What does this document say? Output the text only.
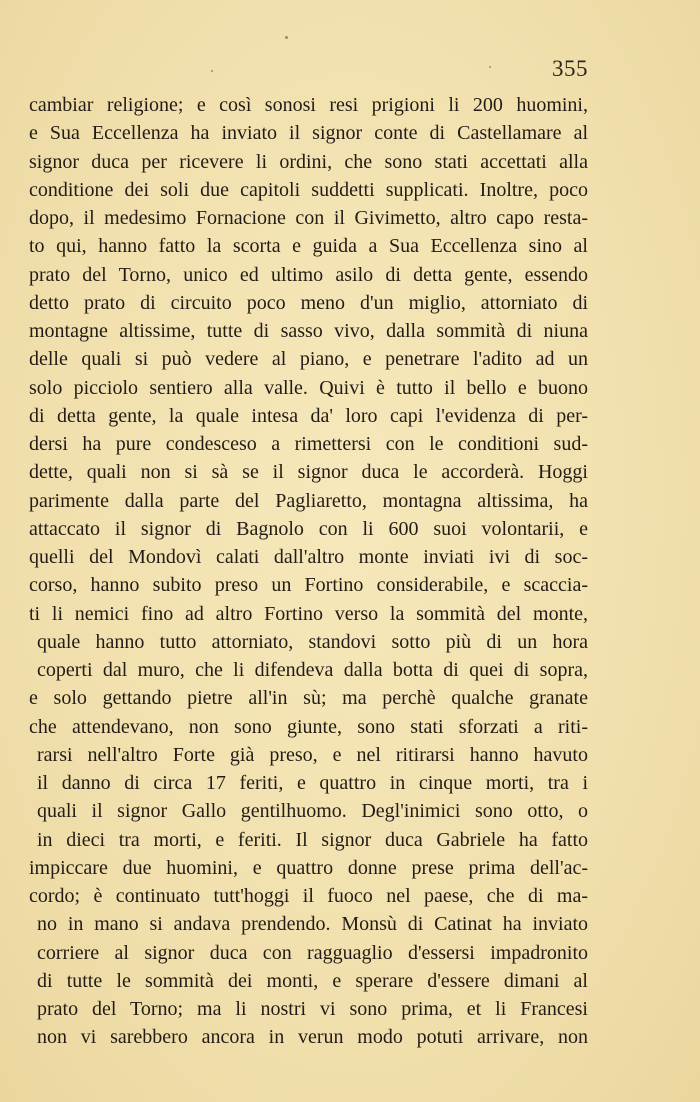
355
cambiar religione; e così sonosi resi prigioni li 200 huomini,
e Sua Eccellenza ha inviato il signor conte di Castellamare al
signor duca per ricevere li ordini, che sono stati accettati alla
conditione dei soli due capitoli suddetti supplicati. Inoltre, poco
dopo, il medesimo Fornacione con il Givimetto, altro capo resta-
to qui, hanno fatto la scorta e guida a Sua Eccellenza sino al
prato del Torno, unico ed ultimo asilo di detta gente, essendo
detto prato di circuito poco meno d'un miglio, attorniato di
montagne altissime, tutte di sasso vivo, dalla sommità di niuna
delle quali si può vedere al piano, e penetrare l'adito ad un
solo picciolo sentiero alla valle. Quivi è tutto il bello e buono
di detta gente, la quale intesa da' loro capi l'evidenza di per-
dersi ha pure condesceso a rimettersi con le conditioni sud-
dette, quali non si sà se il signor duca le accorderà. Hoggi
parimente dalla parte del Pagliaretto, montagna altissima, ha
attaccato il signor di Bagnolo con li 600 suoi volontarii, e
quelli del Mondovì calati dall'altro monte inviati ivi di soc-
corso, hanno subito preso un Fortino considerabile, e scaccia-
ti li nemici fino ad altro Fortino verso la sommità del monte,
quale hanno tutto attorniato, standovi sotto più di un hora
coperti dal muro, che li difendeva dalla botta di quei di sopra,
e solo gettando pietre all'in sù; ma perchè qualche granate
che attendevano, non sono giunte, sono stati sforzati a riti-
rarsi nell'altro Forte già preso, e nel ritirarsi hanno havuto
il danno di circa 17 feriti, e quattro in cinque morti, tra i
quali il signor Gallo gentilhuomo. Degl'inimici sono otto, o
in dieci tra morti, e feriti. Il signor duca Gabriele ha fatto
impiccare due huomini, e quattro donne prese prima dell'ac-
cordo; è continuato tutt'hoggi il fuoco nel paese, che di ma-
no in mano si andava prendendo. Monsù di Catinat ha inviato
corriere al signor duca con ragguaglio d'essersi impadronito
di tutte le sommità dei monti, e sperare d'essere dimani al
prato del Torno; ma li nostri vi sono prima, et li Francesi
non vi sarebbero ancora in verun modo potuti arrivare, non
